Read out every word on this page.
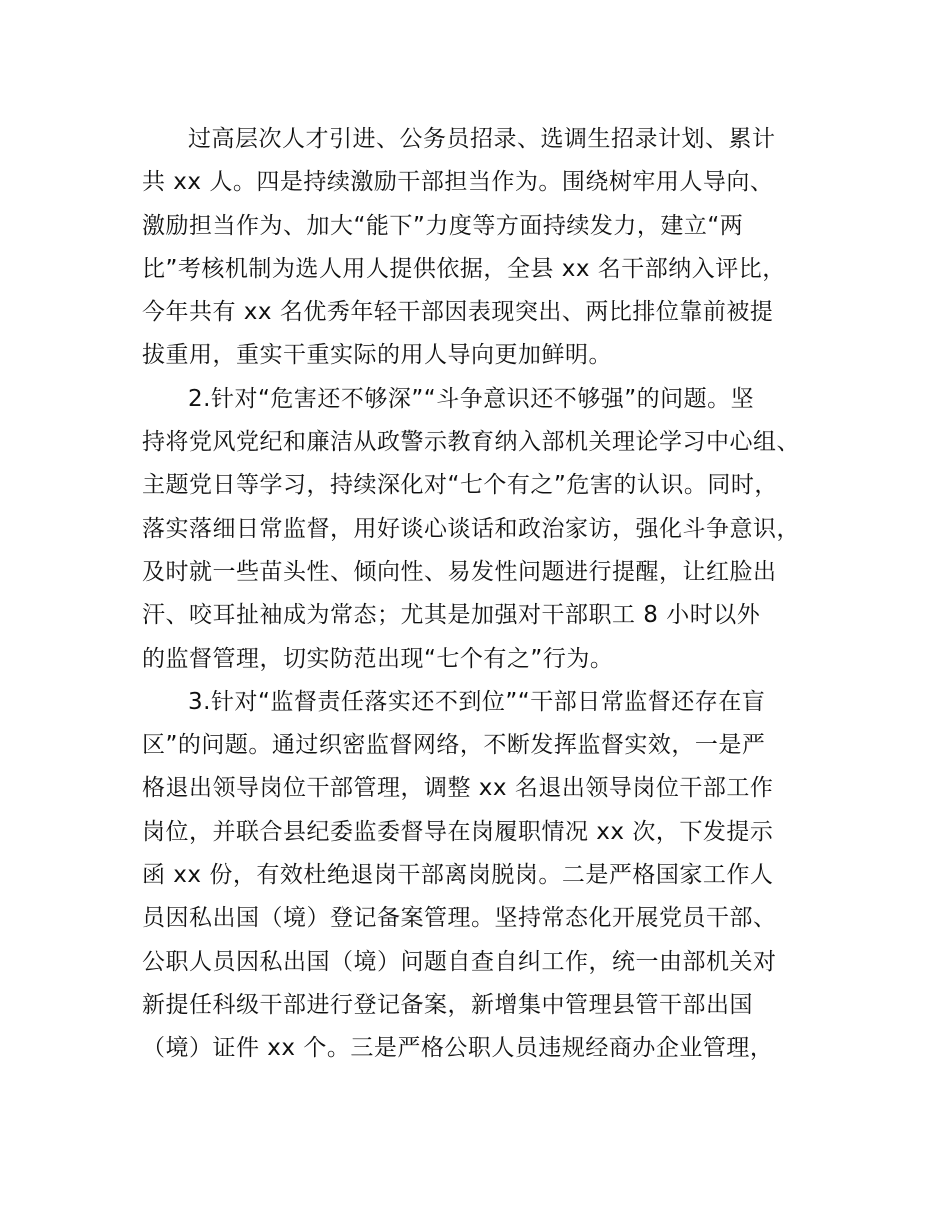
过高层次人才引进、公务员招录、选调生招录计划、累计
共 xx 人。四是持续激励干部担当作为。围绕树牢用人导向、
激励担当作为、加大“能下”力度等方面持续发力，建立“两
比”考核机制为选人用人提供依据，全县 xx 名干部纳入评比，
今年共有 xx 名优秀年轻干部因表现突出、两比排位靠前被提
拔重用，重实干重实际的用人导向更加鲜明。
2.针对“危害还不够深”“斗争意识还不够强”的问题。坚
持将党风党纪和廉洁从政警示教育纳入部机关理论学习中心组、
主题党日等学习，持续深化对“七个有之”危害的认识。同时，
落实落细日常监督，用好谈心谈话和政治家访，强化斗争意识，
及时就一些苗头性、倾向性、易发性问题进行提醒，让红脸出
汗、咬耳扯袖成为常态；尤其是加强对干部职工 8 小时以外
的监督管理，切实防范出现“七个有之”行为。
3.针对“监督责任落实还不到位”“干部日常监督还存在盲
区”的问题。通过织密监督网络，不断发挥监督实效，一是严
格退出领导岗位干部管理，调整 xx 名退出领导岗位干部工作
岗位，并联合县纪委监委督导在岗履职情况 xx 次，下发提示
函 xx 份，有效杜绝退岗干部离岗脱岗。二是严格国家工作人
员因私出国（境）登记备案管理。坚持常态化开展党员干部、
公职人员因私出国（境）问题自查自纠工作，统一由部机关对
新提任科级干部进行登记备案，新增集中管理县管干部出国
（境）证件 xx 个。三是严格公职人员违规经商办企业管理，
